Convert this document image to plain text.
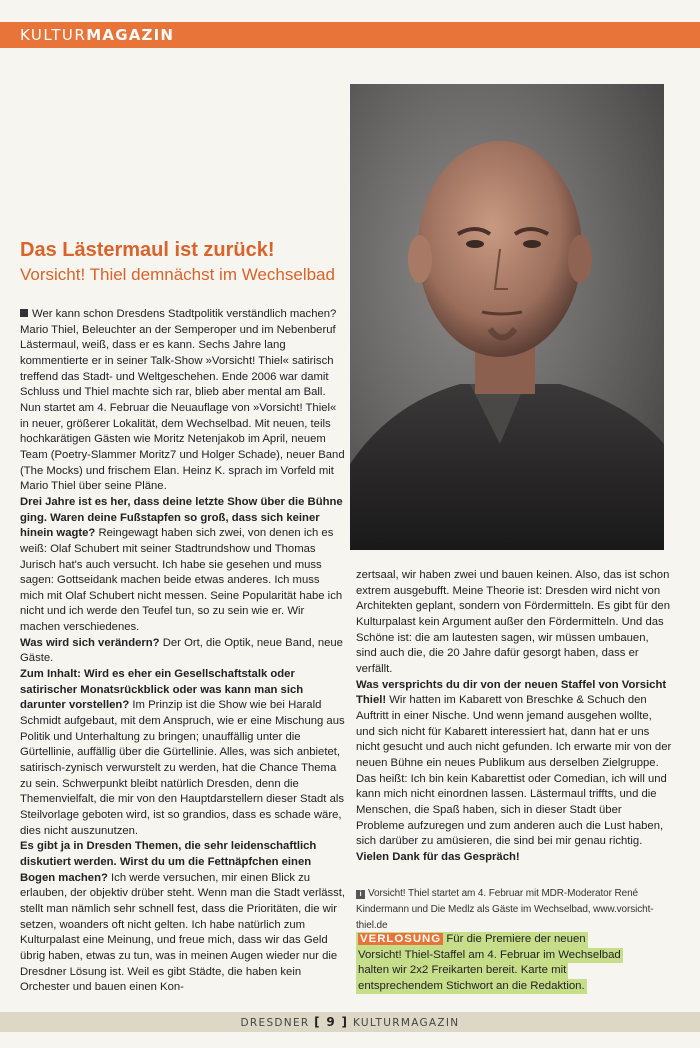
KULTURMAGAZIN
Das Lästermaul ist zurück!
Vorsicht! Thiel demnächst im Wechselbad

Wer kann schon Dresdens Stadtpolitik verständlich machen? Mario Thiel, Beleuchter an der Semperoper und im Nebenberuf Lästermaul, weiß, dass er es kann. Sechs Jahre lang kommentierte er in seiner Talk-Show »Vorsicht! Thiel« satirisch treffend das Stadt- und Weltgeschehen. Ende 2006 war damit Schluss und Thiel machte sich rar, blieb aber mental am Ball. Nun startet am 4. Februar die Neuauflage von »Vorsicht! Thiel« in neuer, größerer Lokalität, dem Wechselbad. Mit neuen, teils hochkarätigen Gästen wie Moritz Netenjakob im April, neuem Team (Poetry-Slammer Moritz7 und Holger Schade), neuer Band (The Mocks) und frischem Elan. Heinz K. sprach im Vorfeld mit Mario Thiel über seine Pläne.

Drei Jahre ist es her, dass deine letzte Show über die Bühne ging. Waren deine Fußstapfen so groß, dass sich keiner hinein wagte? Reingewagt haben sich zwei, von denen ich es weiß: Olaf Schubert mit seiner Stadtrundshow und Thomas Jurisch hat's auch versucht. Ich habe sie gesehen und muss sagen: Gottseidank machen beide etwas anderes. Ich muss mich mit Olaf Schubert nicht messen. Seine Popularität habe ich nicht und ich werde den Teufel tun, so zu sein wie er. Wir machen verschiedenes.

Was wird sich verändern? Der Ort, die Optik, neue Band, neue Gäste.

Zum Inhalt: Wird es eher ein Gesellschaftstalk oder satirischer Monatsrückblick oder was kann man sich darunter vorstellen? Im Prinzip ist die Show wie bei Harald Schmidt aufgebaut, mit dem Anspruch, wie er eine Mischung aus Politik und Unterhaltung zu bringen; unauffällig unter die Gürtellinie, auffällig über die Gürtellinie. Alles, was sich anbietet, satirisch-zynisch verwurstelt zu werden, hat die Chance Thema zu sein. Schwerpunkt bleibt natürlich Dresden, denn die Themenvielfalt, die mir von den Hauptdarstellern dieser Stadt als Steilvorlage geboten wird, ist so grandios, dass es schade wäre, dies nicht auszunutzen.

Es gibt ja in Dresden Themen, die sehr leidenschaftlich diskutiert werden. Wirst du um die Fettnäpfchen einen Bogen machen? Ich werde versuchen, mir einen Blick zu erlauben, der objektiv drüber steht. Wenn man die Stadt verlässt, stellt man nämlich sehr schnell fest, dass die Prioritäten, die wir setzen, woanders oft nicht gelten. Ich habe natürlich zum Kulturpalast eine Meinung, und freue mich, dass wir das Geld übrig haben, etwas zu tun, was in meinen Augen wieder nur die Dresdner Lösung ist. Weil es gibt Städte, die haben kein Orchester und bauen einen Kon-

zertsaal, wir haben zwei und bauen keinen. Also, das ist schon extrem ausgebufft. Meine Theorie ist: Dresden wird nicht von Architekten geplant, sondern von Fördermitteln. Es gibt für den Kulturpalast kein Argument außer den Fördermitteln. Und das Schöne ist: die am lautesten sagen, wir müssen umbauen, sind auch die, die 20 Jahre dafür gesorgt haben, dass er verfällt.

Was versprichts du dir von der neuen Staffel von Vorsicht Thiel! Wir hatten im Kabarett von Breschke & Schuch den Auftritt in einer Nische. Und wenn jemand ausgehen wollte, und sich nicht für Kabarett interessiert hat, dann hat er uns nicht gesucht und auch nicht gefunden. Ich erwarte mir von der neuen Bühne ein neues Publikum aus derselben Zielgruppe. Das heißt: Ich bin kein Kabarettist oder Comedian, ich will und kann mich nicht einordnen lassen. Lästermaul triffts, und die Menschen, die Spaß haben, sich in dieser Stadt über Probleme aufzuregen und zum anderen auch die Lust haben, sich darüber zu amüsieren, die sind bei mir genau richtig.

Vielen Dank für das Gespräch!

i Vorsicht! Thiel startet am 4. Februar mit MDR-Moderator René Kindermann und Die Medlz als Gäste im Wechselbad, www.vorsicht-thiel.de
VERLOSUNG Für die Premiere der neuen
Vorsicht! Thiel-Staffel am 4. Februar im Wechselbad
halten wir 2x2 Freikarten bereit. Karte mit
entsprechendem Stichwort an die Redaktion.
DRESDNER [ 9 ] KULTURMAGAZIN
